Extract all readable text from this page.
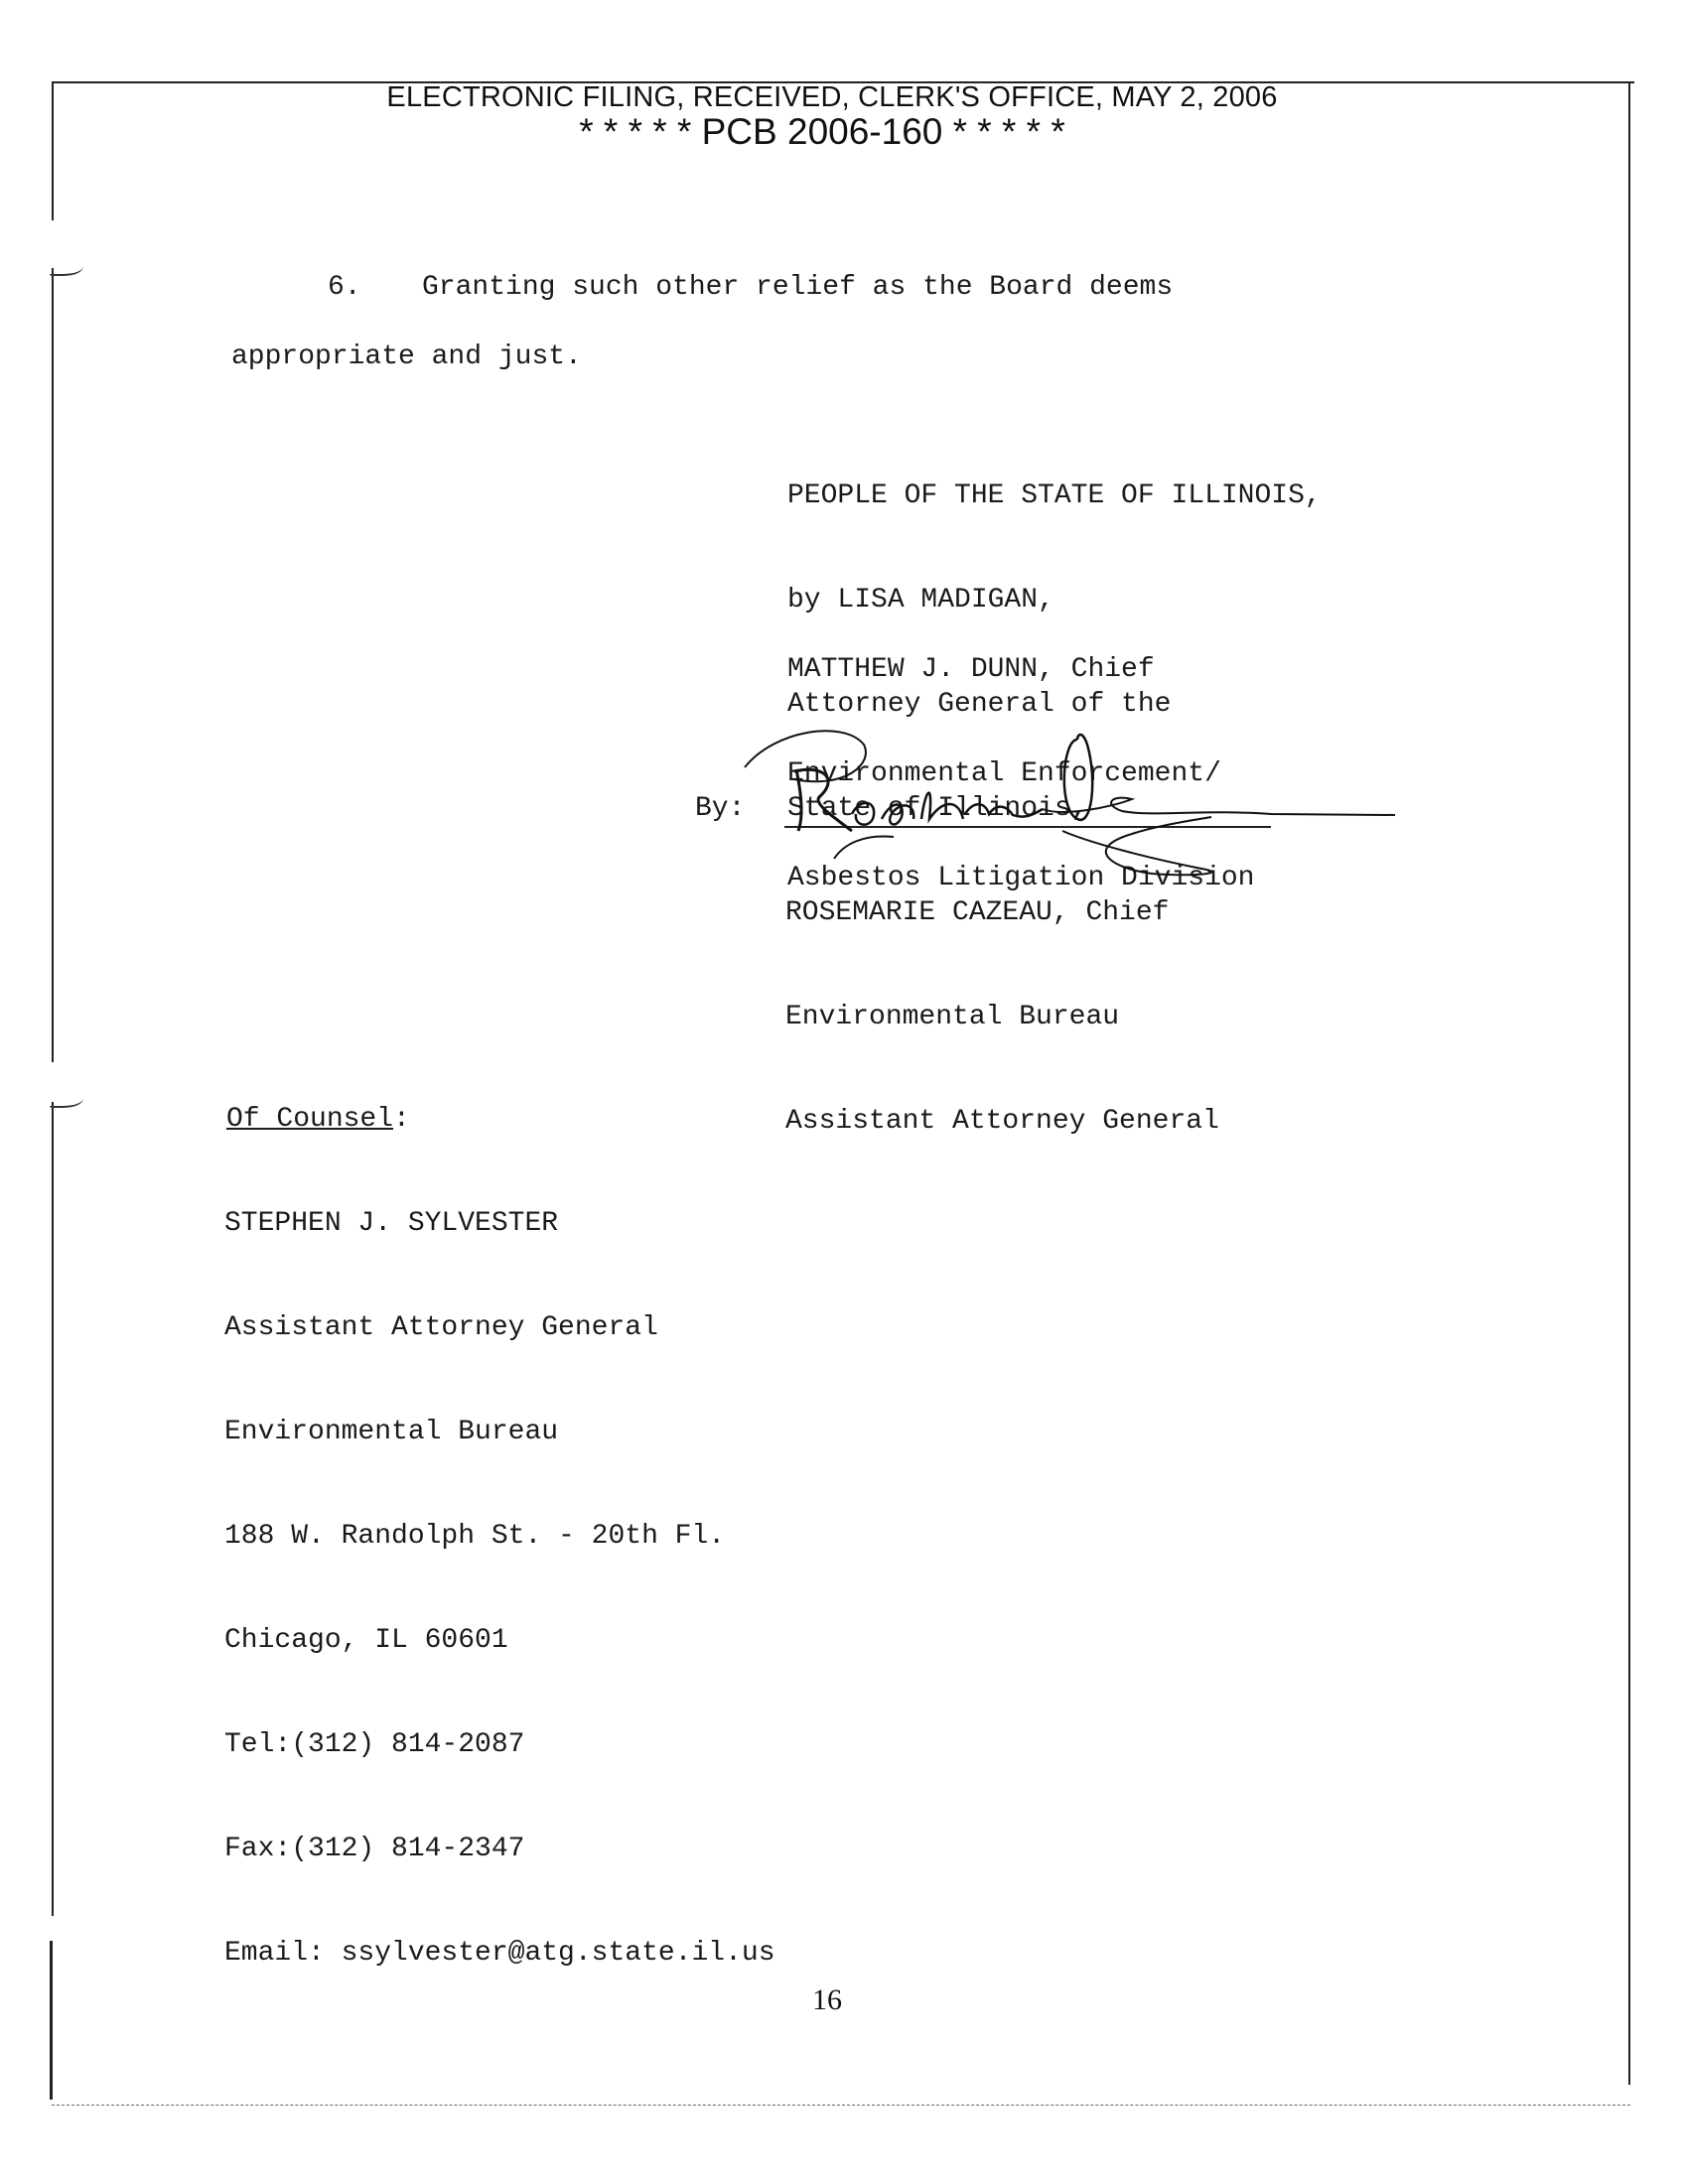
ELECTRONIC FILING, RECEIVED, CLERK'S OFFICE, MAY 2, 2006
* * * * * PCB 2006-160 * * * * *
6. Granting such other relief as the Board deems
appropriate and just.

PEOPLE OF THE STATE OF ILLINOIS,

by LISA MADIGAN,

Attorney General of the

State of Illinois,

MATTHEW J. DUNN, Chief

Environmental Enforcement/

Asbestos Litigation Division

By:

ROSEMARIE CAZEAU, Chief

Environmental Bureau

Assistant Attorney General

Of Counsel:

STEPHEN J. SYLVESTER

Assistant Attorney General

Environmental Bureau

188 W. Randolph St. - 20th Fl.

Chicago, IL 60601

Tel:(312) 814-2087

Fax:(312) 814-2347

Email: ssylvester@atg.state.il.us

16
